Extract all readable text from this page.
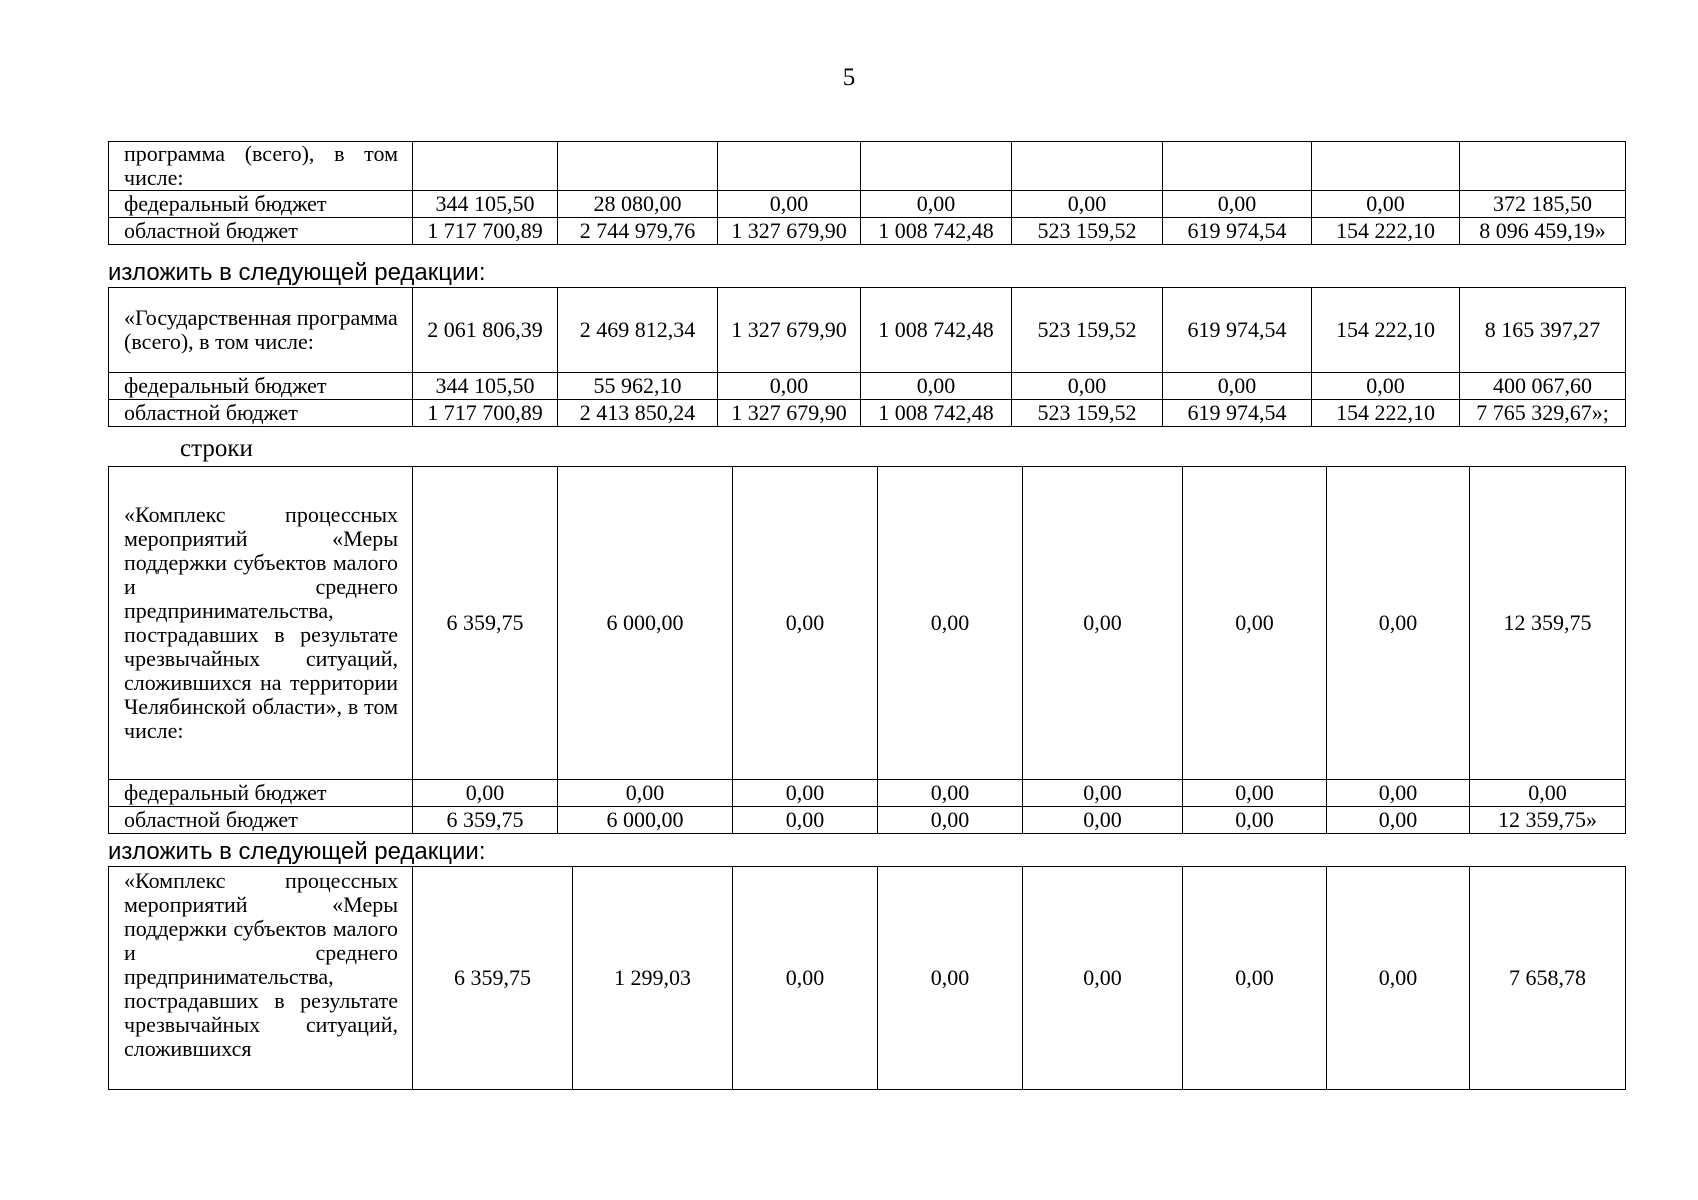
5
программа (всего), в том числе:								
федеральный бюджет	344 105,50	28 080,00	0,00	0,00	0,00	0,00	0,00	372 185,50
областной бюджет	1 717 700,89	2 744 979,76	1 327 679,90	1 008 742,48	523 159,52	619 974,54	154 222,10	8 096 459,19»
изложить в следующей редакции:
«Государственная программа (всего), в том числе:	2 061 806,39	2 469 812,34	1 327 679,90	1 008 742,48	523 159,52	619 974,54	154 222,10	8 165 397,27
федеральный бюджет	344 105,50	55 962,10	0,00	0,00	0,00	0,00	0,00	400 067,60
областной бюджет	1 717 700,89	2 413 850,24	1 327 679,90	1 008 742,48	523 159,52	619 974,54	154 222,10	7 765 329,67»;
строки
«Комплекс процессных мероприятий «Меры поддержки субъектов малого и среднего предпринимательства, пострадавших в результате чрезвычайных ситуаций, сложившихся на территории Челябинской области», в том числе:	6 359,75	6 000,00	0,00	0,00	0,00	0,00	0,00	12 359,75
федеральный бюджет	0,00	0,00	0,00	0,00	0,00	0,00	0,00	0,00
областной бюджет	6 359,75	6 000,00	0,00	0,00	0,00	0,00	0,00	12 359,75»
изложить в следующей редакции:
«Комплекс процессных мероприятий «Меры поддержки субъектов малого и среднего предпринимательства, пострадавших в результате чрезвычайных ситуаций, сложившихся	6 359,75	1 299,03	0,00	0,00	0,00	0,00	0,00	7 658,78
